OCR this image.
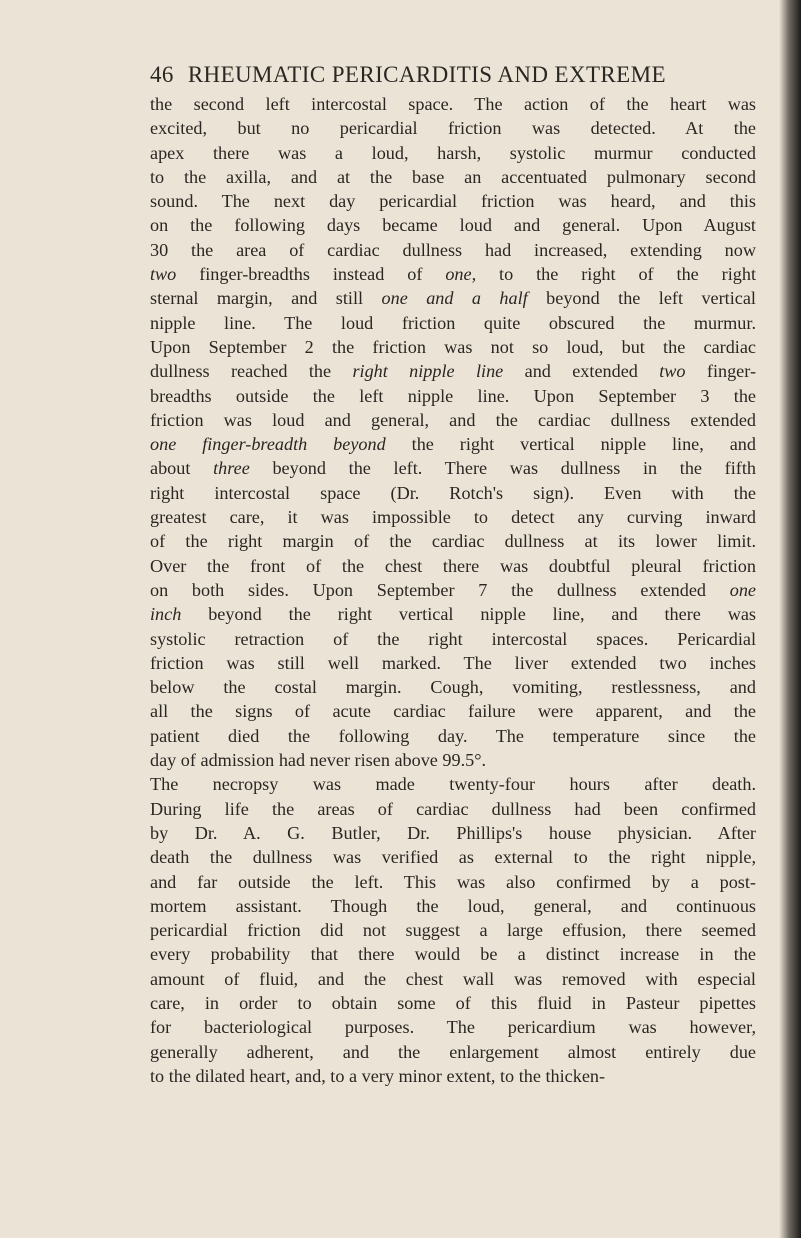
46 RHEUMATIC PERICARDITIS AND EXTREME
the second left intercostal space. The action of the heart was
excited, but no pericardial friction was detected. At the
apex there was a loud, harsh, systolic murmur conducted
to the axilla, and at the base an accentuated pulmonary second
sound. The next day pericardial friction was heard, and this
on the following days became loud and general. Upon August
30 the area of cardiac dullness had increased, extending now
two finger-breadths instead of one, to the right of the right
sternal margin, and still one and a half beyond the left vertical
nipple line. The loud friction quite obscured the murmur.
Upon September 2 the friction was not so loud, but the cardiac
dullness reached the right nipple line and extended two finger-
breadths outside the left nipple line. Upon September 3 the
friction was loud and general, and the cardiac dullness extended
one finger-breadth beyond the right vertical nipple line, and
about three beyond the left. There was dullness in the fifth
right intercostal space (Dr. Rotch's sign). Even with the
greatest care, it was impossible to detect any curving inward
of the right margin of the cardiac dullness at its lower limit.
Over the front of the chest there was doubtful pleural friction
on both sides. Upon September 7 the dullness extended one
inch beyond the right vertical nipple line, and there was
systolic retraction of the right intercostal spaces. Pericardial
friction was still well marked. The liver extended two inches
below the costal margin. Cough, vomiting, restlessness, and
all the signs of acute cardiac failure were apparent, and the
patient died the following day. The temperature since the
day of admission had never risen above 99.5°.
The necropsy was made twenty-four hours after death.
During life the areas of cardiac dullness had been confirmed
by Dr. A. G. Butler, Dr. Phillips's house physician. After
death the dullness was verified as external to the right nipple,
and far outside the left. This was also confirmed by a post-
mortem assistant. Though the loud, general, and continuous
pericardial friction did not suggest a large effusion, there seemed
every probability that there would be a distinct increase in the
amount of fluid, and the chest wall was removed with especial
care, in order to obtain some of this fluid in Pasteur pipettes
for bacteriological purposes. The pericardium was however,
generally adherent, and the enlargement almost entirely due
to the dilated heart, and, to a very minor extent, to the thicken-
